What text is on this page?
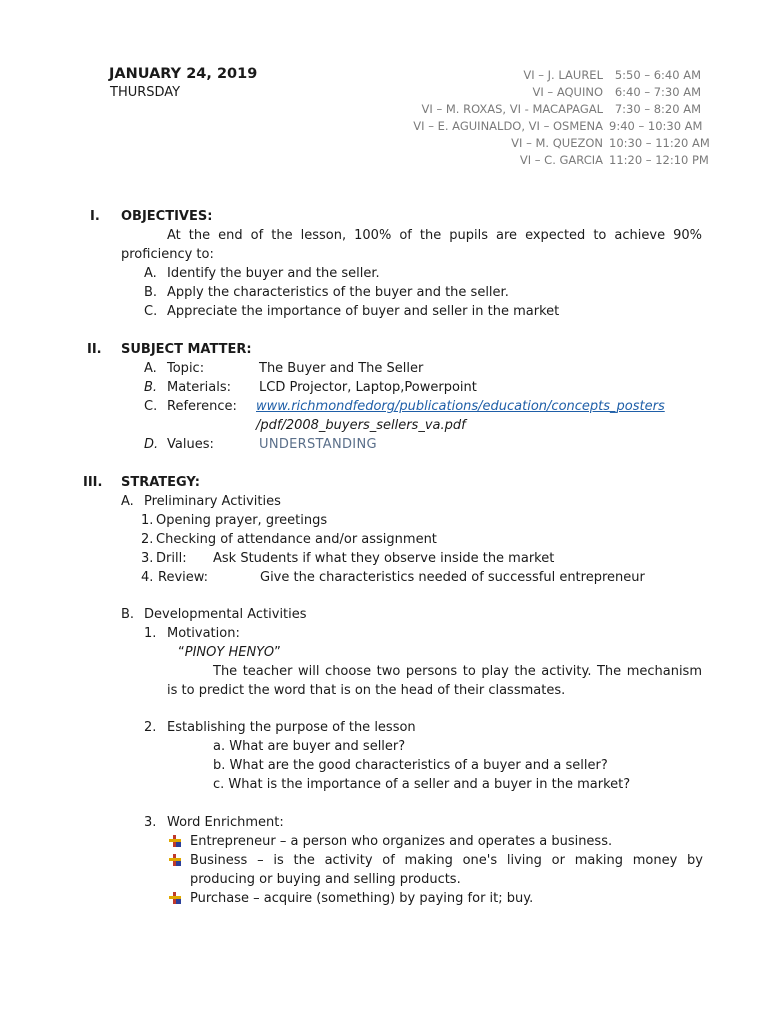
JANUARY 24, 2019
THURSDAY
VI – J. LAUREL 5:50 – 6:40 AM
VI – AQUINO 6:40 – 7:30 AM
VI – M. ROXAS, VI - MACAPAGAL 7:30 – 8:20 AM
VI – E. AGUINALDO, VI – OSMENA 9:40 – 10:30 AM
VI – M. QUEZON 10:30 – 11:20 AM
VI – C. GARCIA 11:20 – 12:10 PM
I. OBJECTIVES:
At the end of the lesson, 100% of the pupils are expected to achieve 90%
proficiency to:
A. Identify the buyer and the seller.
B. Apply the characteristics of the buyer and the seller.
C. Appreciate the importance of buyer and seller in the market
II. SUBJECT MATTER:
A. Topic:	The Buyer and The Seller
B. Materials: LCD Projector, Laptop,Powerpoint
C. Reference: www.richmondfedorg/publications/education/concepts_posters
/pdf/2008_buyers_sellers_va.pdf
D. Values:	UNDERSTANDING
III. STRATEGY:
A. Preliminary Activities
1. Opening prayer, greetings
2. Checking of attendance and/or assignment
3. Drill: Ask Students if what they observe inside the market
4. Review:	Give the characteristics needed of successful entrepreneur
B. Developmental Activities
1. Motivation:
“PINOY HENYO”
The teacher will choose two persons to play the activity. The mechanism
is to predict the word that is on the head of their classmates.
2. Establishing the purpose of the lesson
a. What are buyer and seller?
b. What are the good characteristics of a buyer and a seller?
c. What is the importance of a seller and a buyer in the market?
3. Word Enrichment:
Entrepreneur – a person who organizes and operates a business.
Business – is the activity of making one's living or making money by
producing or buying and selling products.
Purchase – acquire (something) by paying for it; buy.
